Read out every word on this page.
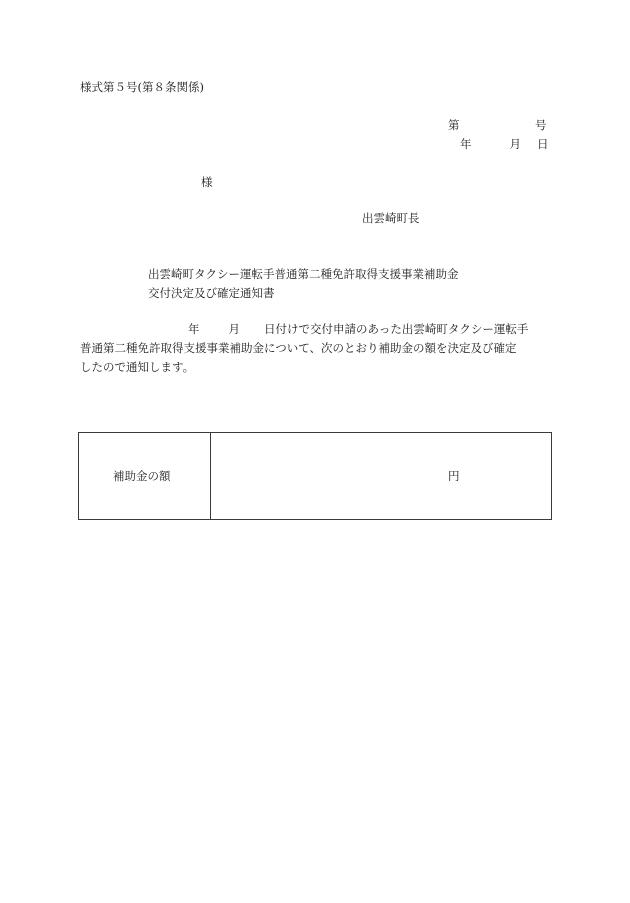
様式第５号(第８条関係)
第	号
年	月 日
様
出雲崎町長
出雲崎町タクシー運転手普通第二種免許取得支援事業補助金
交付決定及び確定通知書
年	月 日付けで交付申請のあった出雲崎町タクシー運転手
普通第二種免許取得支援事業補助金について、次のとおり補助金の額を決定及び確定
したので通知します。
補助金の額	円
